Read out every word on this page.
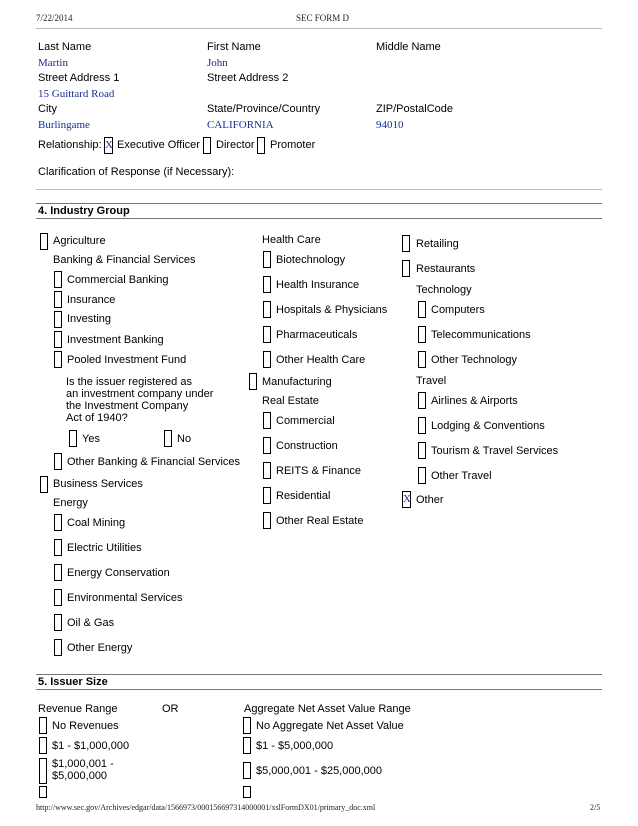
7/22/2014	SEC FORM D
Last Name	First Name	Middle Name
Martin	John
Street Address 1	Street Address 2
15 Guittard Road
City	State/Province/Country	ZIP/PostalCode
Burlingame	CALIFORNIA	94010
Relationship: X Executive Officer Director Promoter
Clarification of Response (if Necessary):
4. Industry Group
Agriculture
Banking & Financial Services
Commercial Banking
Insurance
Investing
Investment Banking
Pooled Investment Fund
Is the issuer registered as
an investment company under
the Investment Company
Act of 1940?
Yes	No
Other Banking & Financial Services
Business Services
Energy
Coal Mining
Electric Utilities
Energy Conservation
Environmental Services
Oil & Gas
Other Energy
Health Care
Biotechnology
Health Insurance
Hospitals & Physicians
Pharmaceuticals
Other Health Care
Manufacturing
Real Estate
Commercial
Construction
REITS & Finance
Residential
Other Real Estate
Retailing
Restaurants
Technology
Computers
Telecommunications
Other Technology
Travel
Airlines & Airports
Lodging & Conventions
Tourism & Travel Services
Other Travel
X Other
5. Issuer Size
Revenue Range	OR	Aggregate Net Asset Value Range
No Revenues
$1 - $1,000,000
$1,000,001 -
$5,000,000
No Aggregate Net Asset Value
$1 - $5,000,000
$5,000,001 - $25,000,000
http://www.sec.gov/Archives/edgar/data/1566973/000156697314000001/xslFormDX01/primary_doc.xml	2/5
